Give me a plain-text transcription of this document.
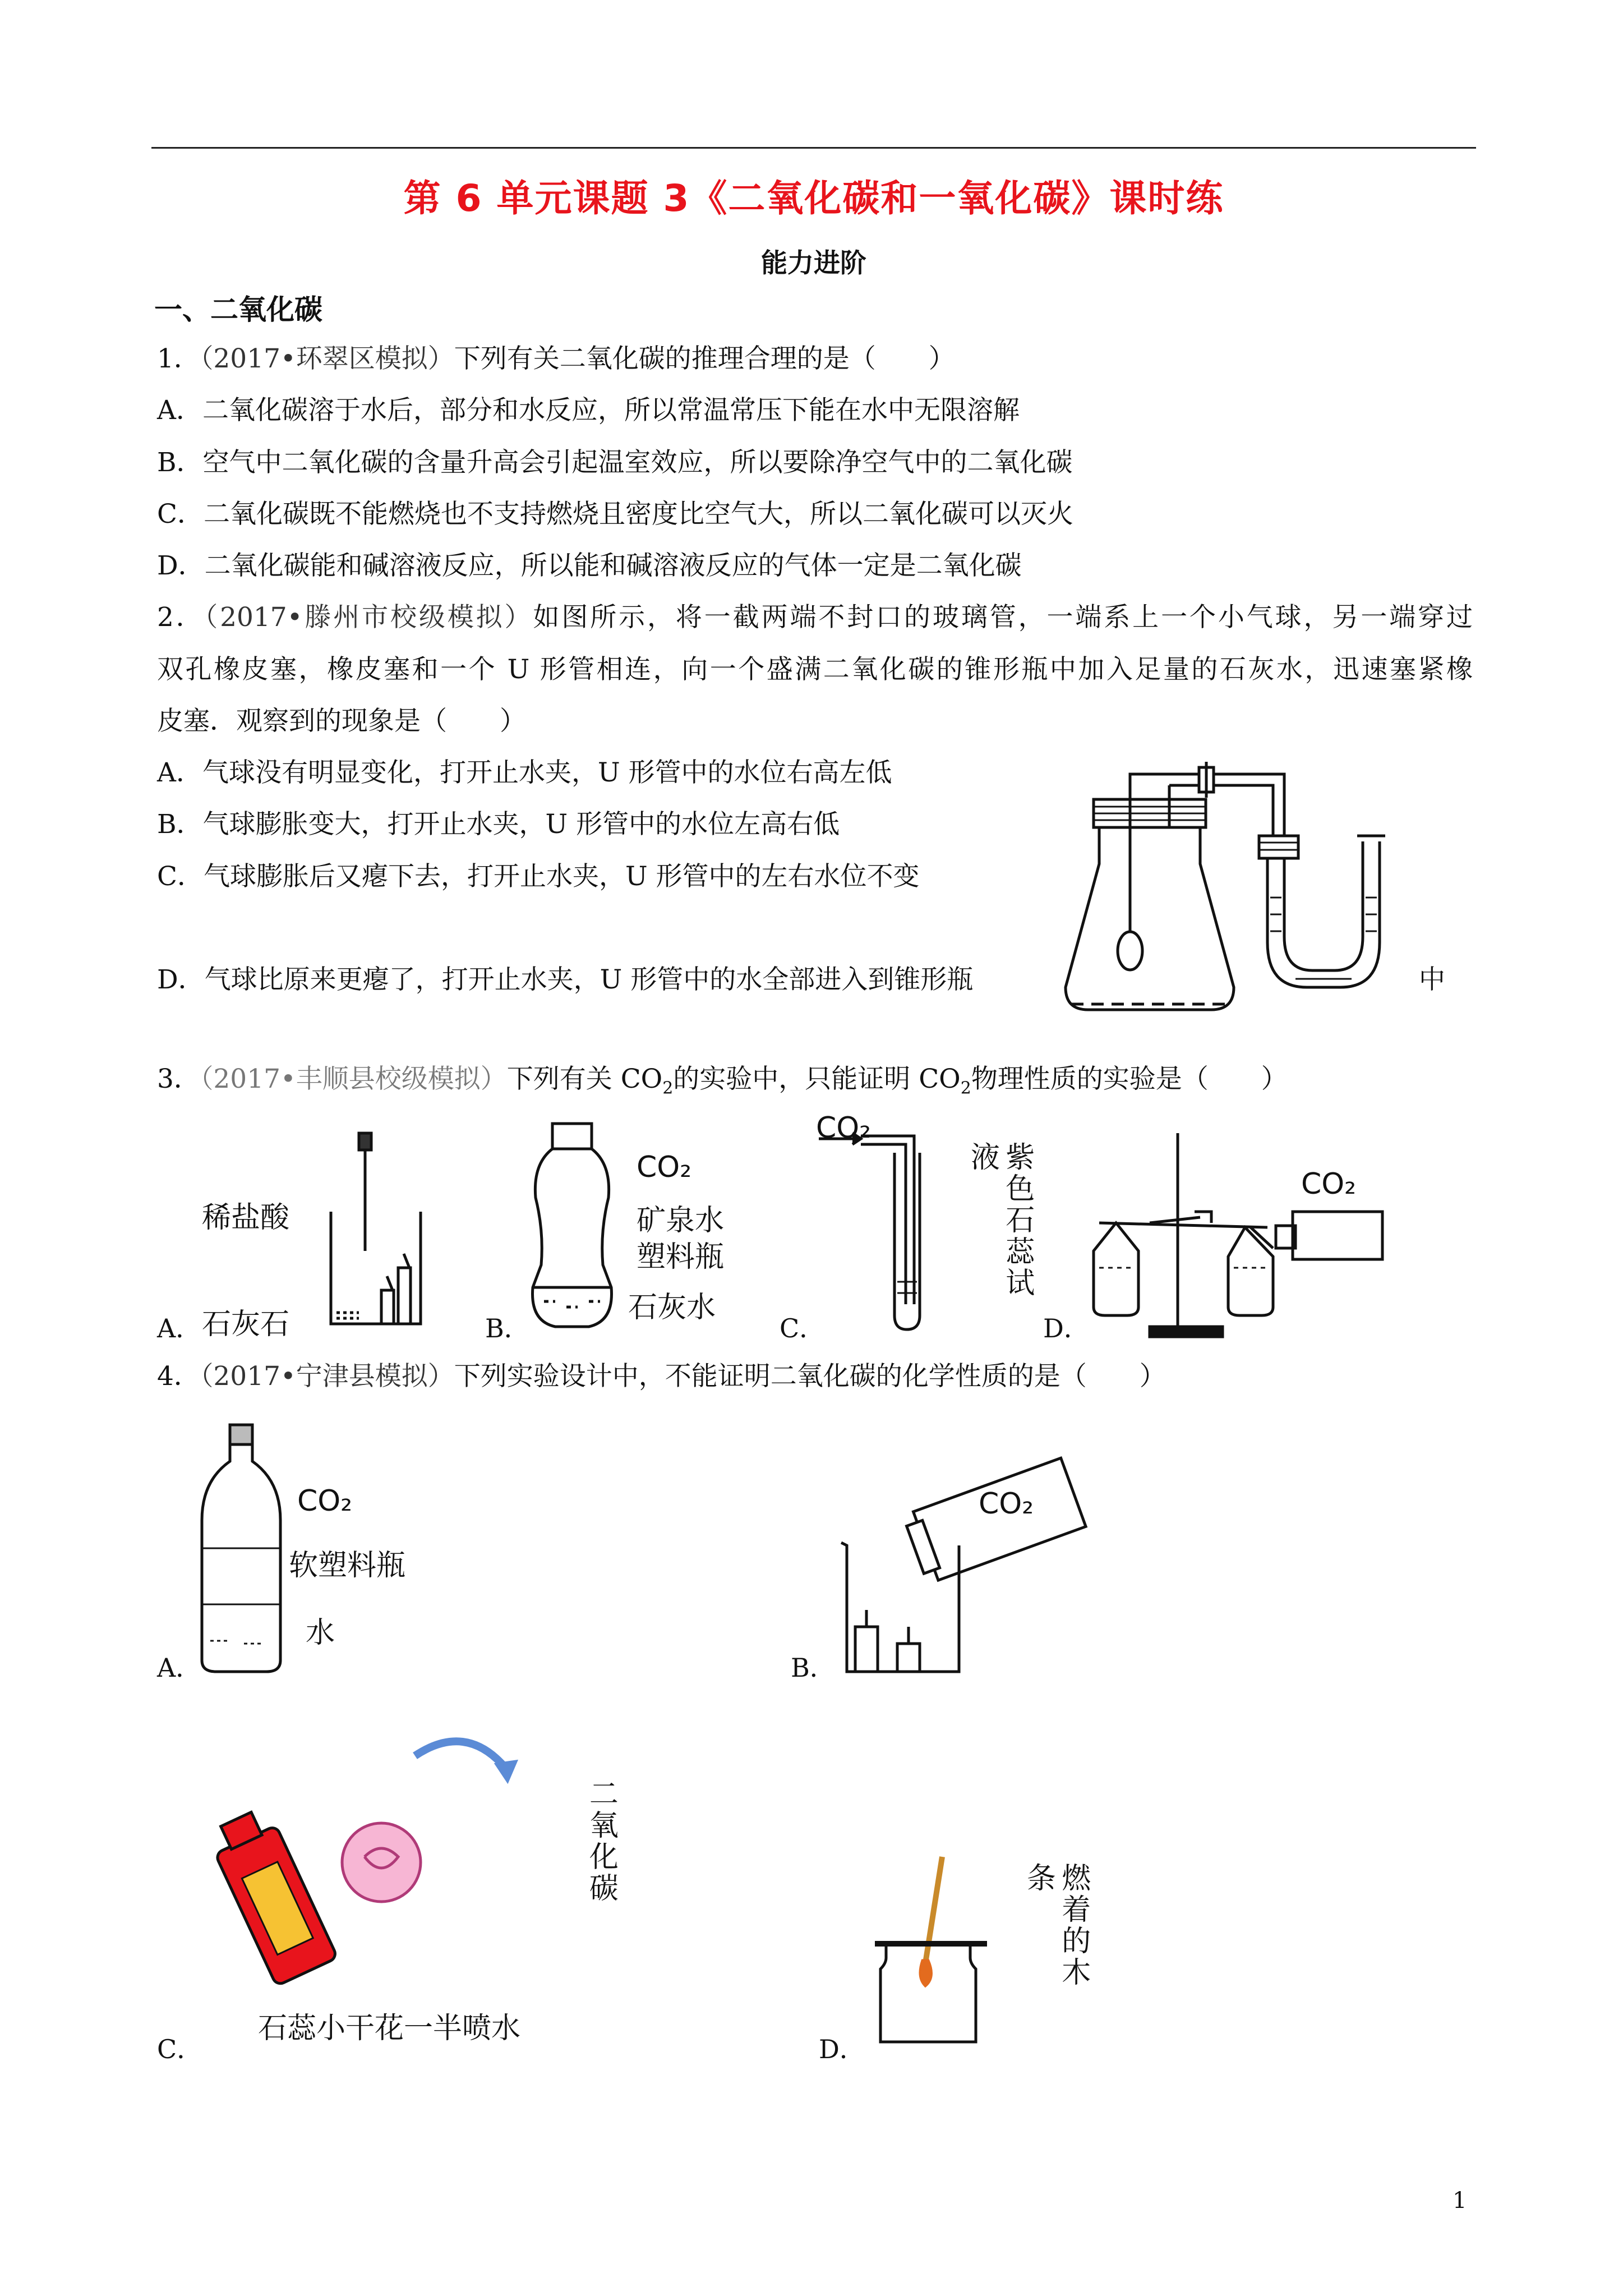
第 6 单元课题 3《二氧化碳和一氧化碳》课时练
能力进阶
一、二氧化碳
1．（2017•环翠区模拟）下列有关二氧化碳的推理合理的是（　　）
A．二氧化碳溶于水后，部分和水反应，所以常温常压下能在水中无限溶解
B．空气中二氧化碳的含量升高会引起温室效应，所以要除净空气中的二氧化碳
C．二氧化碳既不能燃烧也不支持燃烧且密度比空气大，所以二氧化碳可以灭火
D．二氧化碳能和碱溶液反应，所以能和碱溶液反应的气体一定是二氧化碳
2．（2017•滕州市校级模拟）如图所示，将一截两端不封口的玻璃管，一端系上一个小气球，另一端穿过
双孔橡皮塞，橡皮塞和一个 U 形管相连，向一个盛满二氧化碳的锥形瓶中加入足量的石灰水，迅速塞紧橡
皮塞．观察到的现象是（　　）
A．气球没有明显变化，打开止水夹，U 形管中的水位右高左低
B．气球膨胀变大，打开止水夹，U 形管中的水位左高右低
C．气球膨胀后又瘪下去，打开止水夹，U 形管中的左右水位不变
D．气球比原来更瘪了，打开止水夹，U 形管中的水全部进入到锥形瓶	中
3．（2017•丰顺县校级模拟）下列有关 $CO_2$的实验中，只能证明 $CO_2$物理性质的实验是（　　）
稀盐酸
石灰石
A．
CO₂
矿泉水
塑料瓶
石灰水
B．
CO₂
紫色石蕊试液
C．
CO₂
D．
4．（2017•宁津县模拟）下列实验设计中，不能证明二氧化碳的化学性质的是（　　）
CO₂
软塑料瓶
水
A．
CO₂
B．
二氧化碳
石蕊小干花一半喷水
C．
燃着的木条
D．
1
